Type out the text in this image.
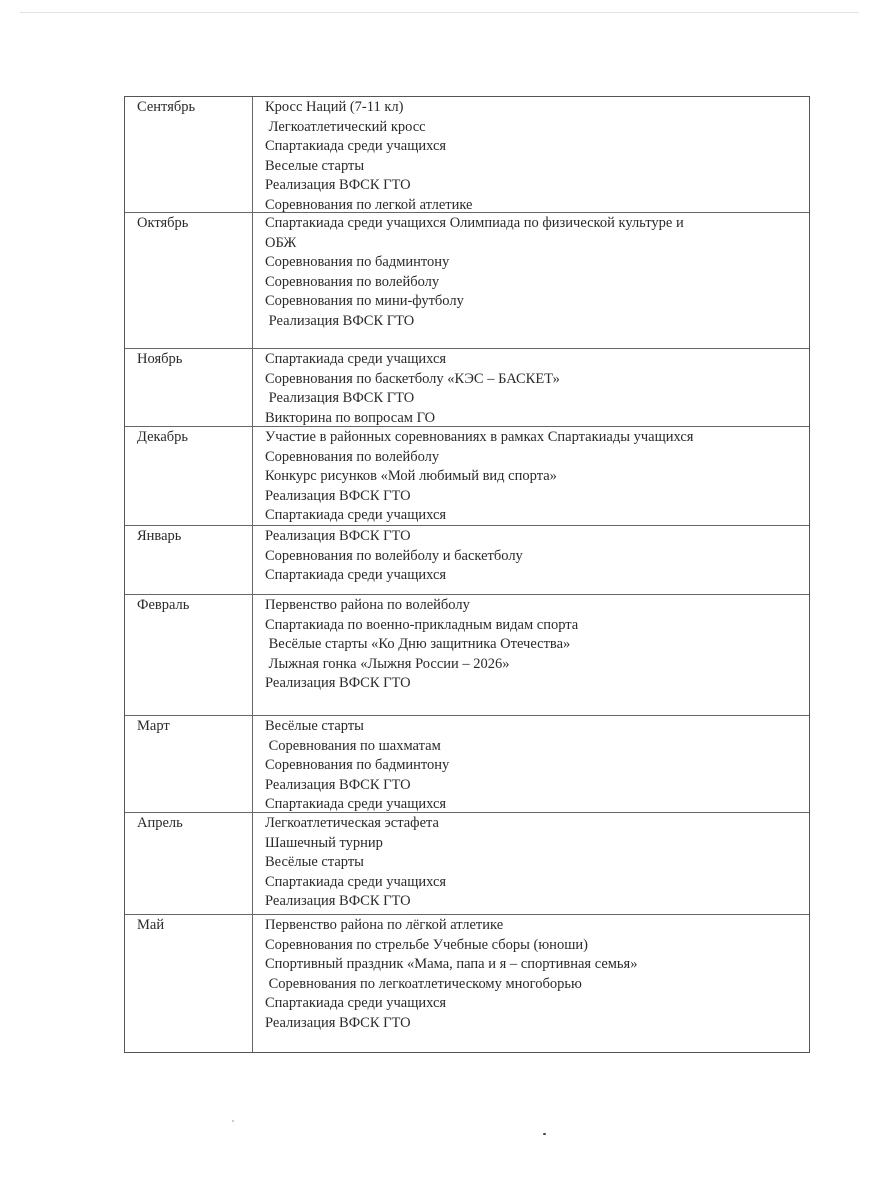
Сентябрь	Кросс Наций (7-11 кл)
Легкоатлетический кросс
Спартакиада среди учащихся
Веселые старты
Реализация ВФСК ГТО
Соревнования по легкой атлетике
Октябрь	Спартакиада среди учащихся Олимпиада по физической культуре и
ОБЖ
Соревнования по бадминтону
Соревнования по волейболу
Соревнования по мини-футболу
Реализация ВФСК ГТО
Ноябрь	Спартакиада среди учащихся
Соревнования по баскетболу «КЭС – БАСКЕТ»
Реализация ВФСК ГТО
Викторина по вопросам ГО
Декабрь	Участие в районных соревнованиях в рамках Спартакиады учащихся
Соревнования по волейболу
Конкурс рисунков «Мой любимый вид спорта»
Реализация ВФСК ГТО
Спартакиада среди учащихся
Январь	Реализация ВФСК ГТО
Соревнования по волейболу и баскетболу
Спартакиада среди учащихся
Февраль	Первенство района по волейболу
Спартакиада по военно-прикладным видам спорта
Весёлые старты «Ко Дню защитника Отечества»
Лыжная гонка «Лыжня России – 2026»
Реализация ВФСК ГТО
Март	Весёлые старты
Соревнования по шахматам
Соревнования по бадминтону
Реализация ВФСК ГТО
Спартакиада среди учащихся
Апрель	Легкоатлетическая эстафета
Шашечный турнир
Весёлые старты
Спартакиада среди учащихся
Реализация ВФСК ГТО
Май	Первенство района по лёгкой атлетике
Соревнования по стрельбе Учебные сборы (юноши)
Спортивный праздник «Мама, папа и я – спортивная семья»
Соревнования по легкоатлетическому многоборью
Спартакиада среди учащихся
Реализация ВФСК ГТО
